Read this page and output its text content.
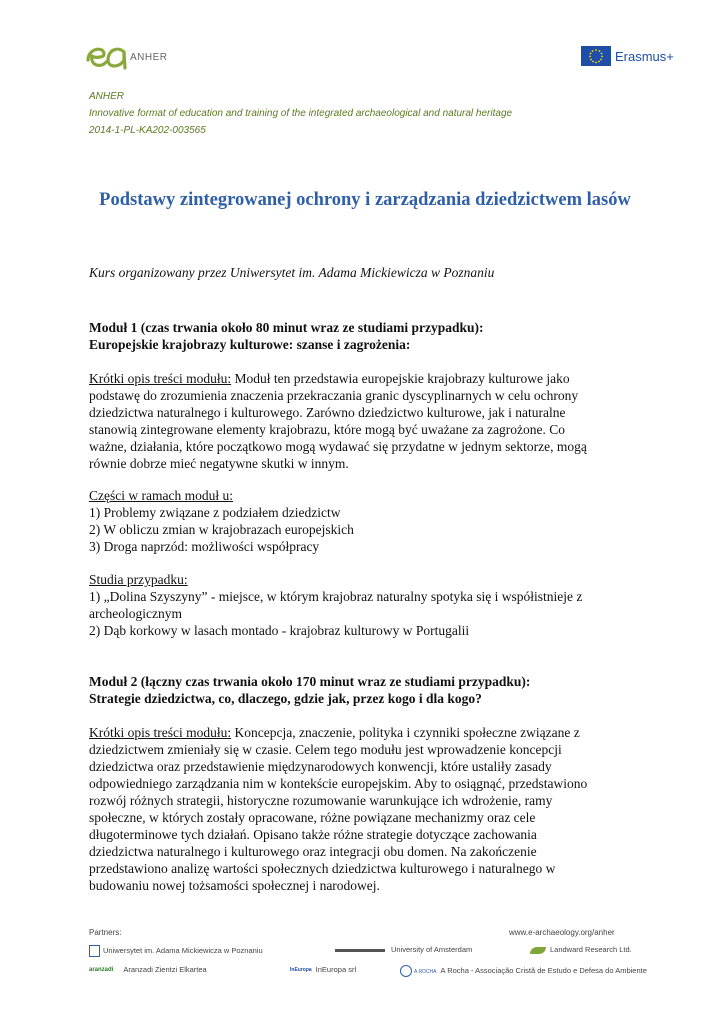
ANHER	Erasmus+
ANHER
Innovative format of education and training of the integrated archaeological and natural heritage
2014-1-PL-KA202-003565
Podstawy zintegrowanej ochrony i zarządzania dziedzictwem lasów
Kurs organizowany przez Uniwersytet im. Adama Mickiewicza w Poznaniu
Moduł 1 (czas trwania około 80 minut wraz ze studiami przypadku):
Europejskie krajobrazy kulturowe: szanse i zagrożenia:
Krótki opis treści modułu: Moduł ten przedstawia europejskie krajobrazy kulturowe jako
podstawę do zrozumienia znaczenia przekraczania granic dyscyplinarnych w celu ochrony
dziedzictwa naturalnego i kulturowego. Zarówno dziedzictwo kulturowe, jak i naturalne
stanowią zintegrowane elementy krajobrazu, które mogą być uważane za zagrożone. Co
ważne, działania, które początkowo mogą wydawać się przydatne w jednym sektorze, mogą
równie dobrze mieć negatywne skutki w innym.
Części w ramach moduł u:
1) Problemy związane z podziałem dziedzictw
2) W obliczu zmian w krajobrazach europejskich
3) Droga naprzód: możliwości współpracy
Studia przypadku:
1) „Dolina Szyszyny” - miejsce, w którym krajobraz naturalny spotyka się i współistnieje z
archeologicznym
2) Dąb korkowy w lasach montado - krajobraz kulturowy w Portugalii
Moduł 2 (łączny czas trwania około 170 minut wraz ze studiami przypadku):
Strategie dziedzictwa, co, dlaczego, gdzie jak, przez kogo i dla kogo?
Krótki opis treści modułu: Koncepcja, znaczenie, polityka i czynniki społeczne związane z
dziedzictwem zmieniały się w czasie. Celem tego modułu jest wprowadzenie koncepcji
dziedzictwa oraz przedstawienie międzynarodowych konwencji, które ustaliły zasady
odpowiedniego zarządzania nim w kontekście europejskim. Aby to osiągnąć, przedstawiono
rozwój różnych strategii, historyczne rozumowanie warunkujące ich wdrożenie, ramy
społeczne, w których zostały opracowane, różne powiązane mechanizmy oraz cele
długoterminowe tych działań. Opisano także różne strategie dotyczące zachowania
dziedzictwa naturalnego i kulturowego oraz integracji obu domen. Na zakończenie
przedstawiono analizę wartości społecznych dziedzictwa kulturowego i naturalnego w
budowaniu nowej tożsamości społecznej i narodowej.
Partners:	www.e-archaeology.org/anher
Uniwersytet im. Adama Mickiewicza w Poznaniu	University of Amsterdam	Landward Research Ltd.
aranzadi Aranzadi Zientzi Elkartea	InEuropa InEuropa srl	A ROCHA A Rocha - Associação Cristã de Estudo e Defesa do Ambiente
